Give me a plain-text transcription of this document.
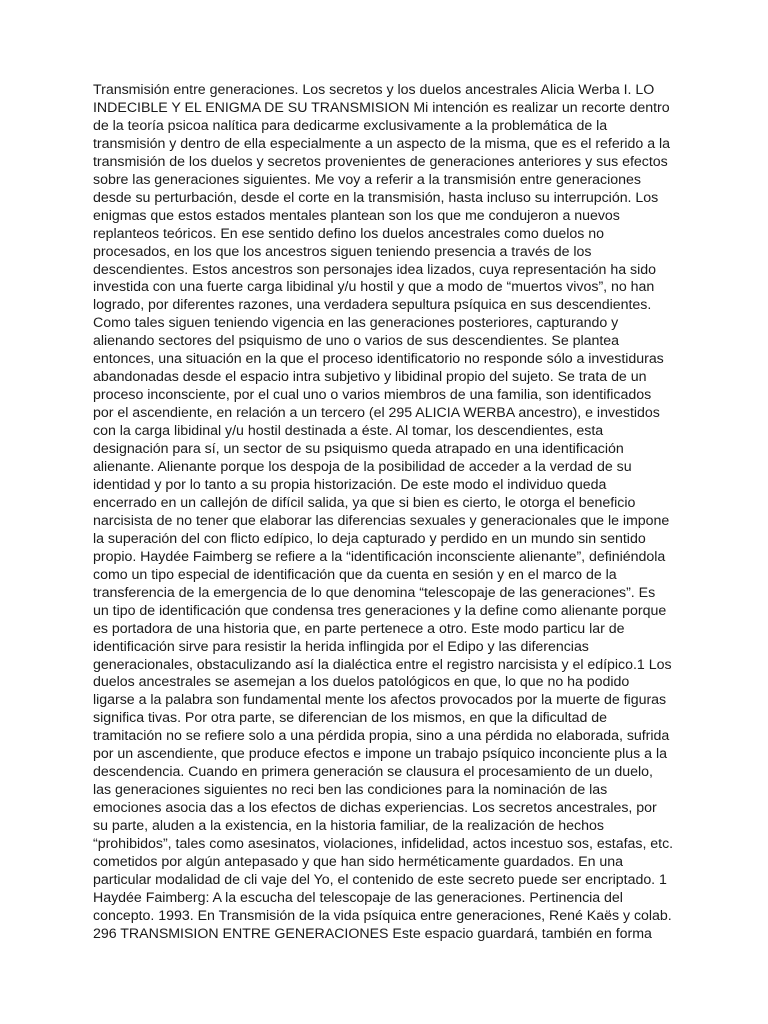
Transmisión entre generaciones. Los secretos y los duelos ancestrales Alicia Werba I. LO
INDECIBLE Y EL ENIGMA DE SU TRANSMISION Mi intención es realizar un recorte dentro
de la teoría psicoa nalítica para dedicarme exclusivamente a la problemática de la
transmisión y dentro de ella especialmente a un aspecto de la misma, que es el referido a la
transmisión de los duelos y secretos provenientes de generaciones anteriores y sus efectos
sobre las generaciones siguientes. Me voy a referir a la transmisión entre generaciones
desde su perturbación, desde el corte en la transmisión, hasta incluso su interrupción. Los
enigmas que estos estados mentales plantean son los que me condujeron a nuevos
replanteos teóricos. En ese sentido defino los duelos ancestrales como duelos no
procesados, en los que los ancestros siguen teniendo presencia a través de los
descendientes. Estos ancestros son personajes idea lizados, cuya representación ha sido
investida con una fuerte carga libidinal y/u hostil y que a modo de “muertos vivos”, no han
logrado, por diferentes razones, una verdadera sepultura psíquica en sus descendientes.
Como tales siguen teniendo vigencia en las generaciones posteriores, capturando y
alienando sectores del psiquismo de uno o varios de sus descendientes. Se plantea
entonces, una situación en la que el proceso identificatorio no responde sólo a investiduras
abandonadas desde el espacio intra subjetivo y libidinal propio del sujeto. Se trata de un
proceso inconsciente, por el cual uno o varios miembros de una familia, son identificados
por el ascendiente, en relación a un tercero (el 295 ALICIA WERBA ancestro), e investidos
con la carga libidinal y/u hostil destinada a éste. Al tomar, los descendientes, esta
designación para sí, un sector de su psiquismo queda atrapado en una identificación
alienante. Alienante porque los despoja de la posibilidad de acceder a la verdad de su
identidad y por lo tanto a su propia historización. De este modo el individuo queda
encerrado en un callejón de difícil salida, ya que si bien es cierto, le otorga el beneficio
narcisista de no tener que elaborar las diferencias sexuales y generacionales que le impone
la superación del con flicto edípico, lo deja capturado y perdido en un mundo sin sentido
propio. Haydée Faimberg se refiere a la “identificación inconsciente alienante”, definiéndola
como un tipo especial de identificación que da cuenta en sesión y en el marco de la
transferencia de la emergencia de lo que denomina “telescopaje de las generaciones”. Es
un tipo de identificación que condensa tres generaciones y la define como alienante porque
es portadora de una historia que, en parte pertenece a otro. Este modo particu lar de
identificación sirve para resistir la herida inflingida por el Edipo y las diferencias
generacionales, obstaculizando así la dialéctica entre el registro narcisista y el edípico.1 Los
duelos ancestrales se asemejan a los duelos patológicos en que, lo que no ha podido
ligarse a la palabra son fundamental mente los afectos provocados por la muerte de figuras
significa tivas. Por otra parte, se diferencian de los mismos, en que la dificultad de
tramitación no se refiere solo a una pérdida propia, sino a una pérdida no elaborada, sufrida
por un ascendiente, que produce efectos e impone un trabajo psíquico inconciente plus a la
descendencia. Cuando en primera generación se clausura el procesamiento de un duelo,
las generaciones siguientes no reci ben las condiciones para la nominación de las
emociones asocia das a los efectos de dichas experiencias. Los secretos ancestrales, por
su parte, aluden a la existencia, en la historia familiar, de la realización de hechos
“prohibidos”, tales como asesinatos, violaciones, infidelidad, actos incestuo sos, estafas, etc.
cometidos por algún antepasado y que han sido herméticamente guardados. En una
particular modalidad de cli vaje del Yo, el contenido de este secreto puede ser encriptado. 1
Haydée Faimberg: A la escucha del telescopaje de las generaciones. Pertinencia del
concepto. 1993. En Transmisión de la vida psíquica entre generaciones, René Kaës y colab.
296 TRANSMISION ENTRE GENERACIONES Este espacio guardará, también en forma
